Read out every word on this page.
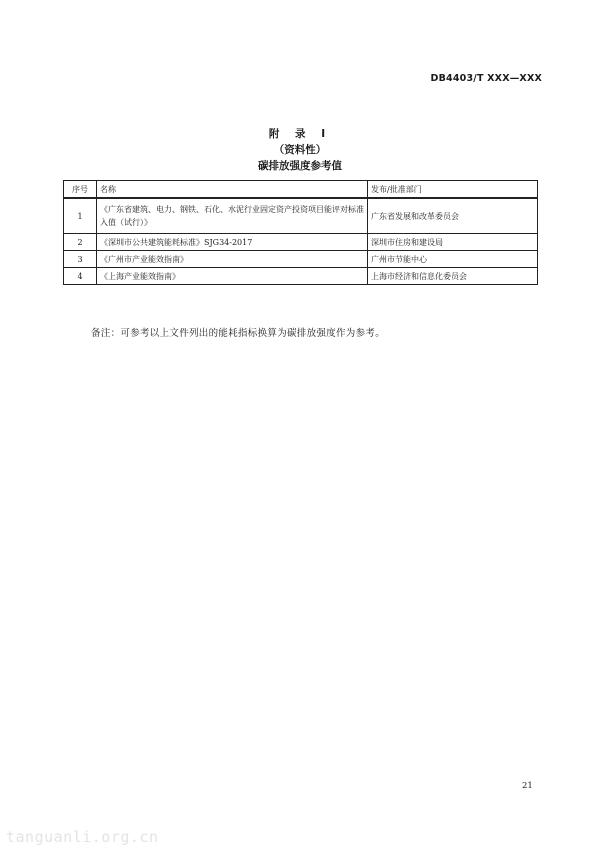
DB4403/T XXX—XXX
附 录 I
（资料性）
碳排放强度参考值
序号	名称	发布/批准部门
1	《广东省建筑、电力、钢铁、石化、水泥行业固定资产投资项目能评对标准入值（试行）》	广东省发展和改革委员会
2	《深圳市公共建筑能耗标准》SJG34-2017	深圳市住房和建设局
3	《广州市产业能效指南》	广州市节能中心
4	《上海产业能效指南》	上海市经济和信息化委员会
备注：可参考以上文件列出的能耗指标换算为碳排放强度作为参考。
21
tanguanli.org.cn
